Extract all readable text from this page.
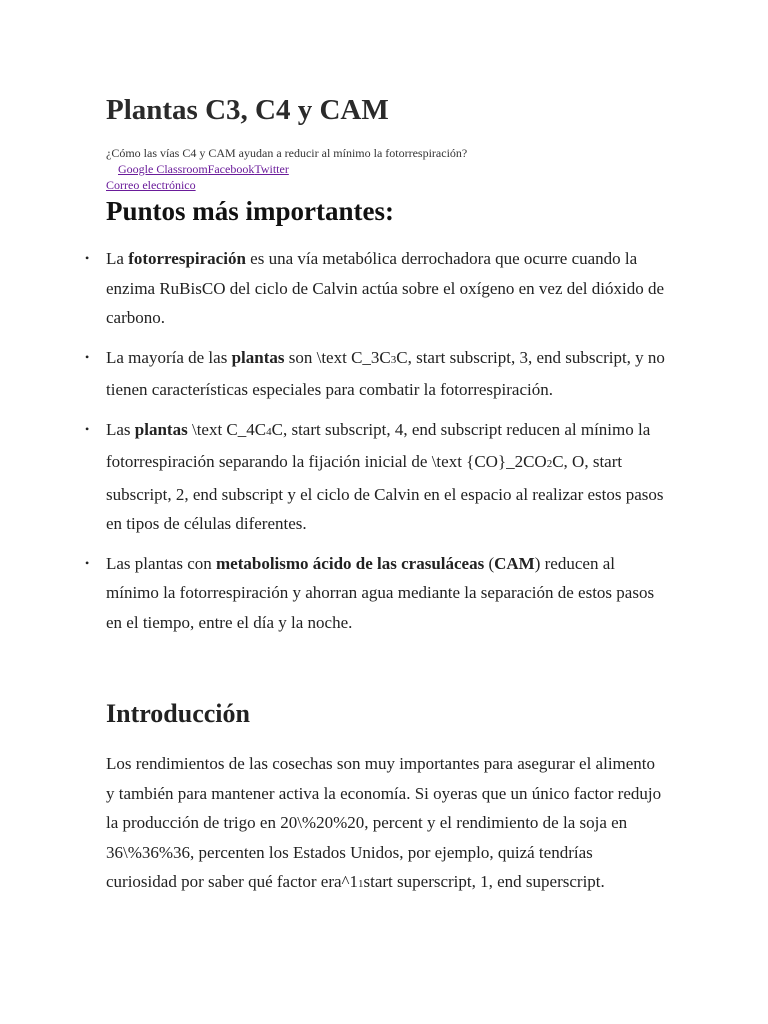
Plantas C3, C4 y CAM

¿Cómo las vías C4 y CAM ayudan a reducir al mínimo la fotorrespiración?

Google ClassroomFacebookTwitter
Correo electrónico
Puntos más importantes:
• La fotorrespiración es una vía metabólica derrochadora que ocurre cuando la enzima RuBisCO del ciclo de Calvin actúa sobre el oxígeno en vez del dióxido de carbono.
• La mayoría de las plantas son \text C_3C3C, start subscript, 3, end subscript, y no tienen características especiales para combatir la fotorrespiración.
• Las plantas \text C_4C4C, start subscript, 4, end subscript reducen al mínimo la fotorrespiración separando la fijación inicial de \text {CO}_2CO2C, O, start subscript, 2, end subscript y el ciclo de Calvin en el espacio al realizar estos pasos en tipos de células diferentes.
• Las plantas con metabolismo ácido de las crasuláceas (CAM) reducen al mínimo la fotorrespiración y ahorran agua mediante la separación de estos pasos en el tiempo, entre el día y la noche.
Introducción

Los rendimientos de las cosechas son muy importantes para asegurar el alimento y también para mantener activa la economía. Si oyeras que un único factor redujo la producción de trigo en 20\%20%20, percent y el rendimiento de la soja en 36\%36%36, percenten los Estados Unidos, por ejemplo, quizá tendrías curiosidad por saber qué factor era^11start superscript, 1, end superscript.
